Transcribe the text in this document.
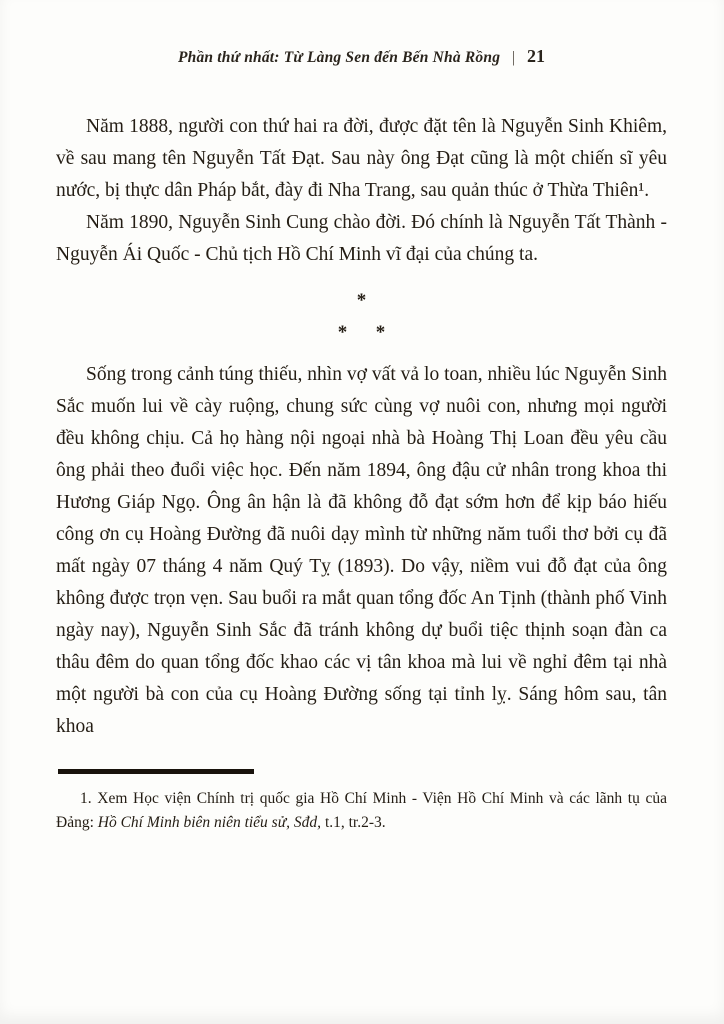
Phần thứ nhất: Từ Làng Sen đến Bến Nhà Rồng | 21

Năm 1888, người con thứ hai ra đời, được đặt tên là Nguyễn Sinh Khiêm, về sau mang tên Nguyễn Tất Đạt. Sau này ông Đạt cũng là một chiến sĩ yêu nước, bị thực dân Pháp bắt, đày đi Nha Trang, sau quản thúc ở Thừa Thiên¹.

Năm 1890, Nguyễn Sinh Cung chào đời. Đó chính là Nguyễn Tất Thành - Nguyễn Ái Quốc - Chủ tịch Hồ Chí Minh vĩ đại của chúng ta.

*
*      *

Sống trong cảnh túng thiếu, nhìn vợ vất vả lo toan, nhiều lúc Nguyễn Sinh Sắc muốn lui về cày ruộng, chung sức cùng vợ nuôi con, nhưng mọi người đều không chịu. Cả họ hàng nội ngoại nhà bà Hoàng Thị Loan đều yêu cầu ông phải theo đuổi việc học. Đến năm 1894, ông đậu cử nhân trong khoa thi Hương Giáp Ngọ. Ông ân hận là đã không đỗ đạt sớm hơn để kịp báo hiếu công ơn cụ Hoàng Đường đã nuôi dạy mình từ những năm tuổi thơ bởi cụ đã mất ngày 07 tháng 4 năm Quý Tỵ (1893). Do vậy, niềm vui đỗ đạt của ông không được trọn vẹn. Sau buổi ra mắt quan tổng đốc An Tịnh (thành phố Vinh ngày nay), Nguyễn Sinh Sắc đã tránh không dự buổi tiệc thịnh soạn đàn ca thâu đêm do quan tổng đốc khao các vị tân khoa mà lui về nghỉ đêm tại nhà một người bà con của cụ Hoàng Đường sống tại tỉnh lỵ. Sáng hôm sau, tân khoa

1. Xem Học viện Chính trị quốc gia Hồ Chí Minh - Viện Hồ Chí Minh và các lãnh tụ của Đảng: Hồ Chí Minh biên niên tiểu sử, Sđd, t.1, tr.2-3.
